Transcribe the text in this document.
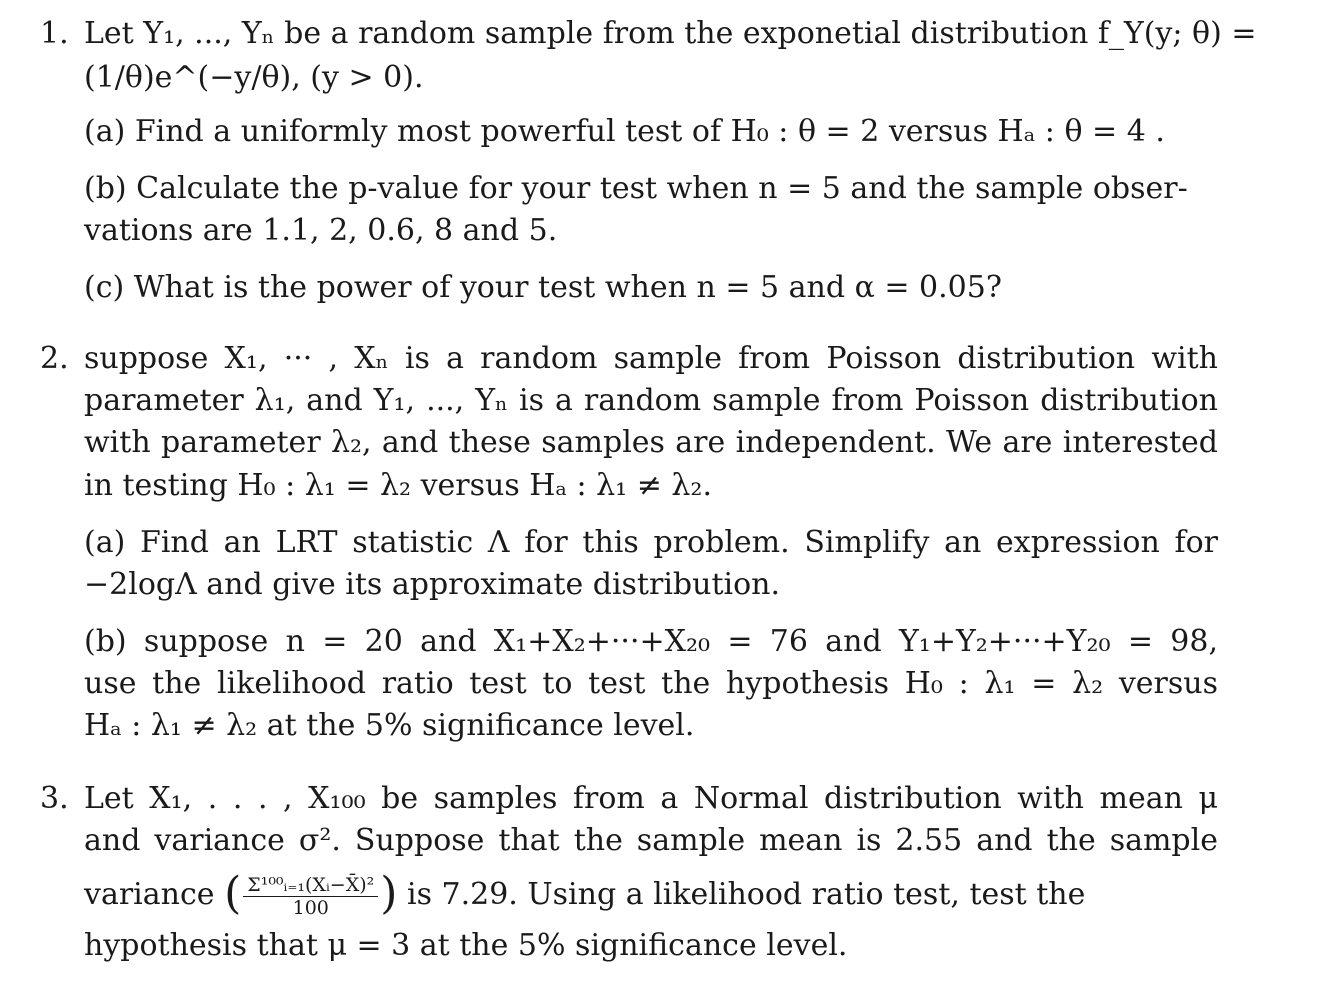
1. Let Y₁, ..., Yₙ be a random sample from the exponetial distribution f_Y(y; θ) =
(1/θ)e^(−y/θ), (y > 0).
(a) Find a uniformly most powerful test of H₀ : θ = 2 versus Hₐ : θ = 4 .
(b) Calculate the p-value for your test when n = 5 and the sample obser-
vations are 1.1, 2, 0.6, 8 and 5.
(c) What is the power of your test when n = 5 and α = 0.05?
2. suppose X₁, ··· , Xₙ is a random sample from Poisson distribution with
parameter λ₁, and Y₁, ..., Yₙ is a random sample from Poisson distribution
with parameter λ₂, and these samples are independent. We are interested
in testing H₀ : λ₁ = λ₂ versus Hₐ : λ₁ ≠ λ₂.
(a) Find an LRT statistic Λ for this problem. Simplify an expression for
−2logΛ and give its approximate distribution.
(b) suppose n = 20 and X₁+X₂+···+X₂₀ = 76 and Y₁+Y₂+···+Y₂₀ = 98,
use the likelihood ratio test to test the hypothesis H₀ : λ₁ = λ₂ versus
Hₐ : λ₁ ≠ λ₂ at the 5% significance level.
3. Let X₁, . . . , X₁₀₀ be samples from a Normal distribution with mean μ
and variance σ². Suppose that the sample mean is 2.55 and the sample
variance ( $\frac{\text{Σ¹⁰⁰ᵢ₌₁(Xᵢ−X̄)²}}{100}$ ) is 7.29. Using a likelihood ratio test, test the
hypothesis that μ = 3 at the 5% significance level.
